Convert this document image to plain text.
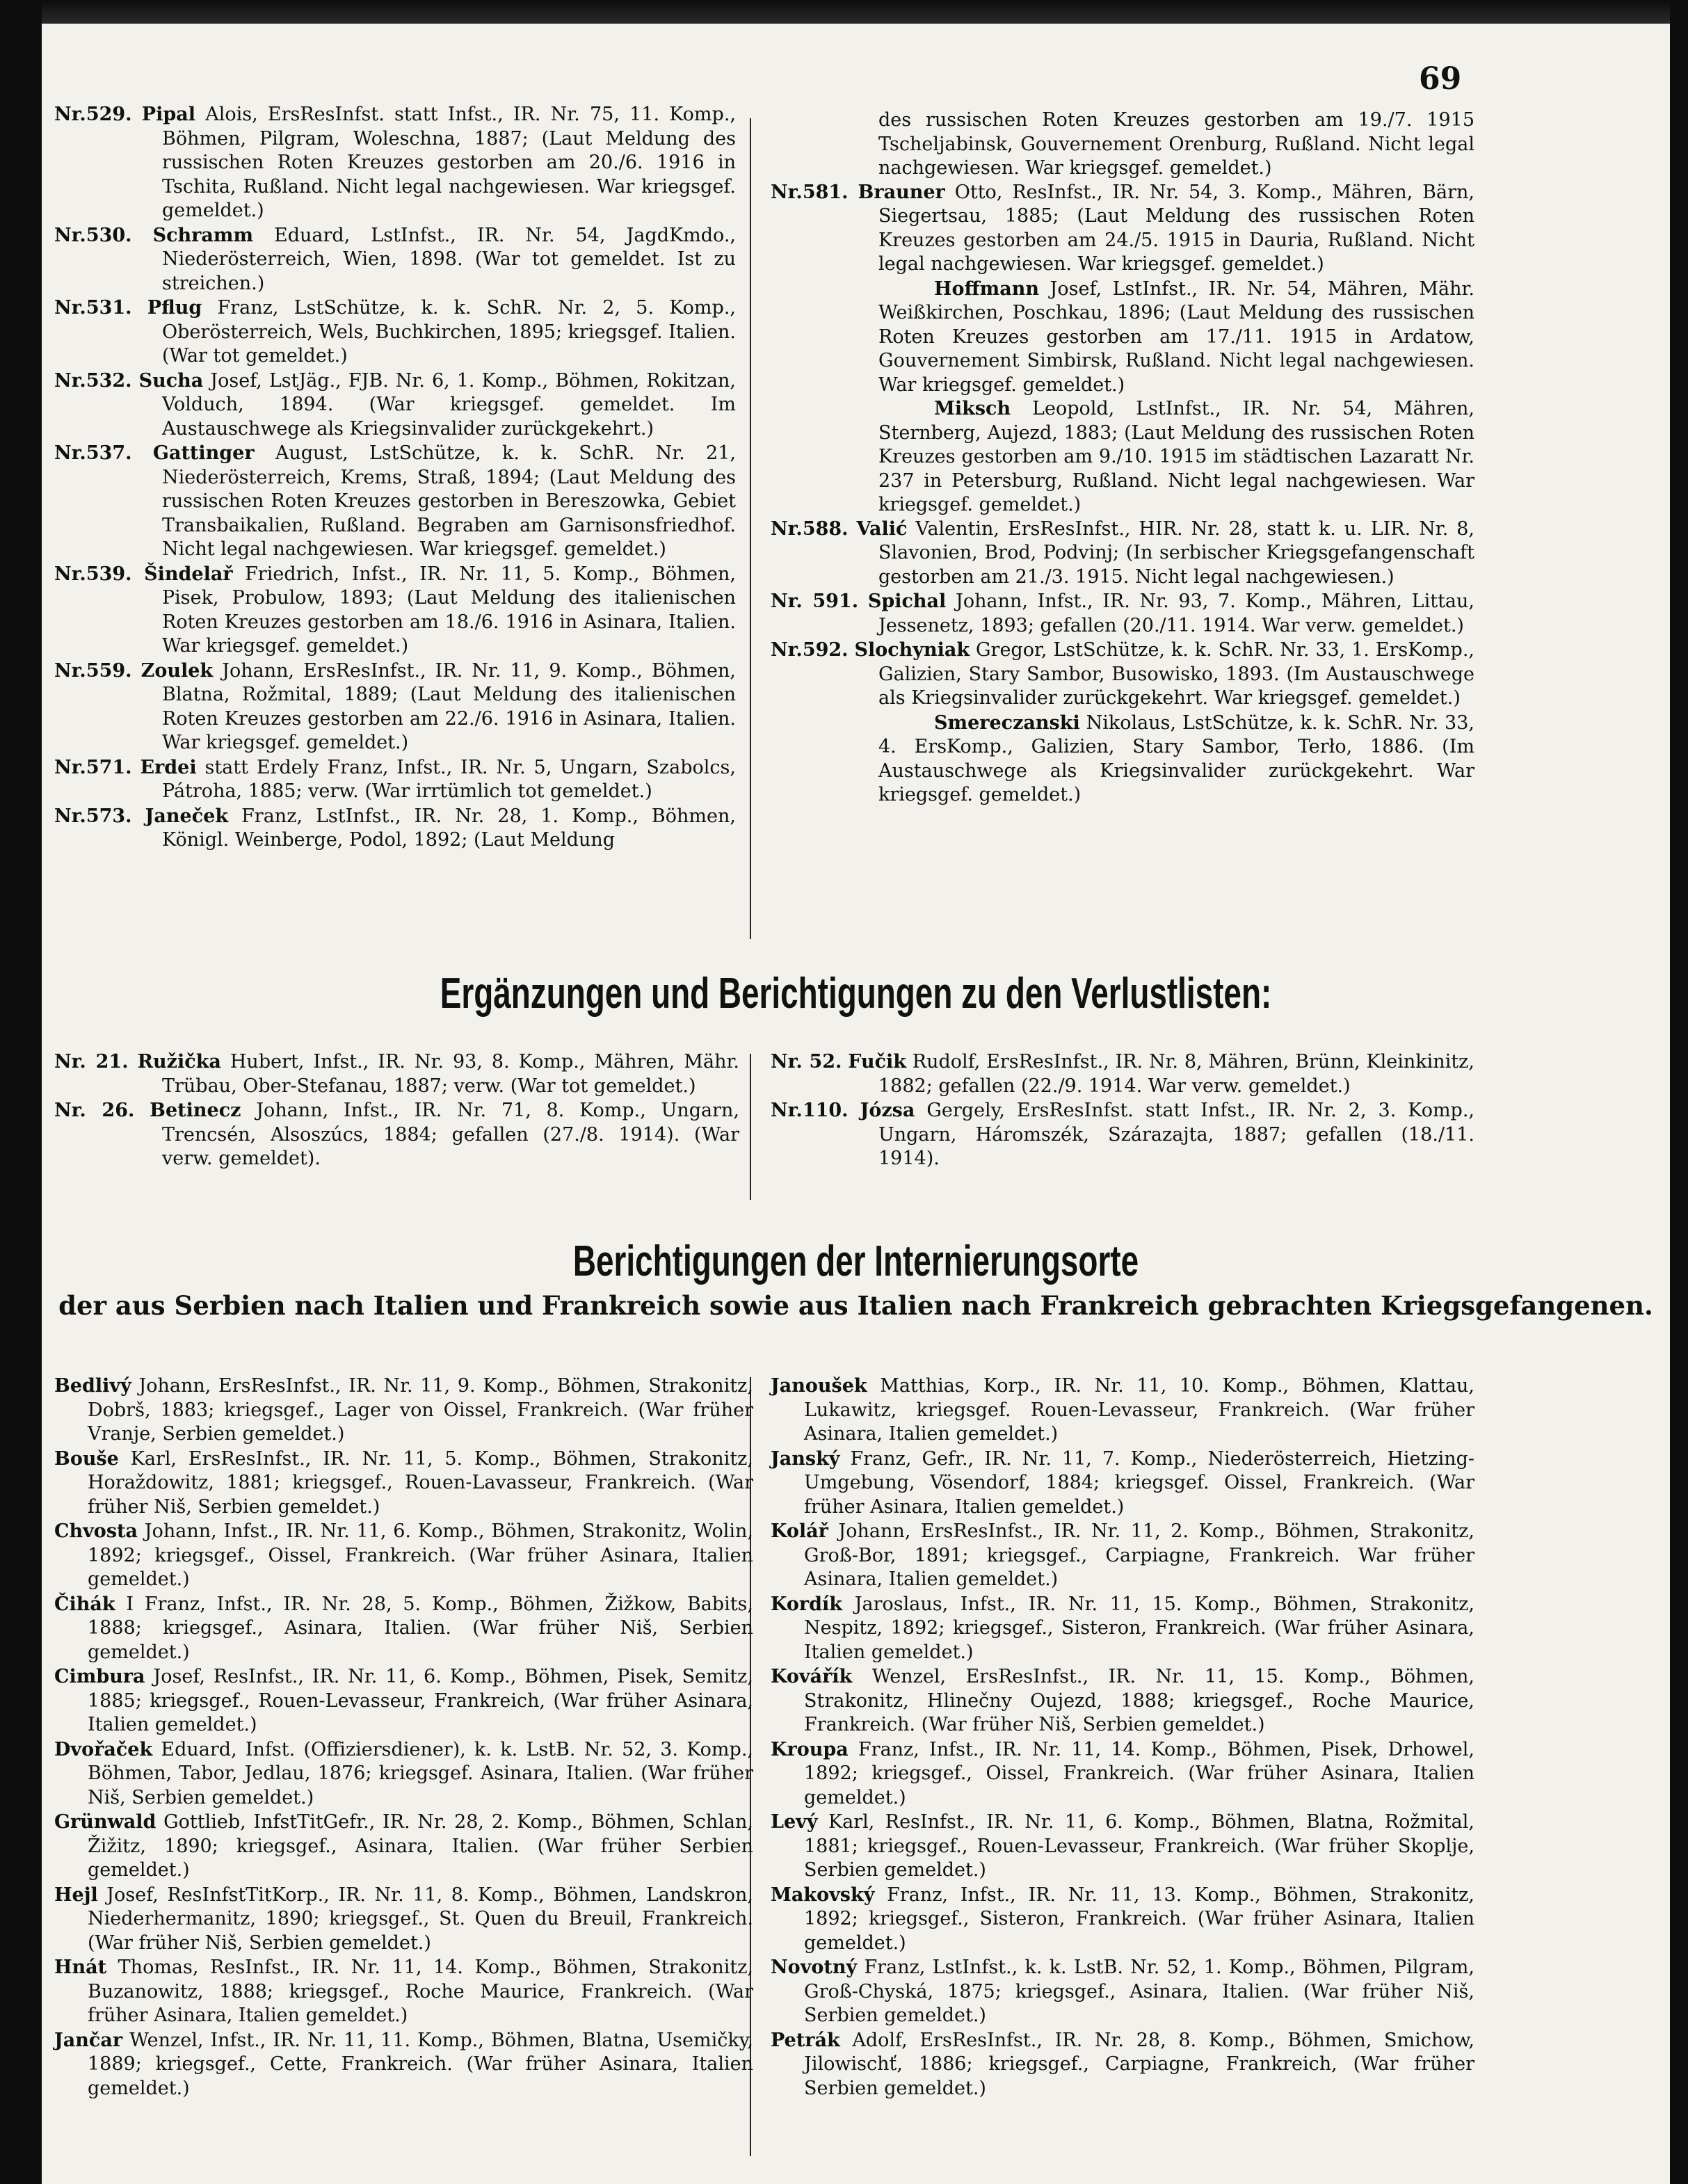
69
Nr.529. Pipal Alois, ErsResInfst. statt Infst., IR. Nr. 75, 11. Komp., Böhmen, Pilgram, Woleschna, 1887; (Laut Meldung des russischen Roten Kreuzes gestorben am 20./6. 1916 in Tschita, Rußland. Nicht legal nachgewiesen. War kriegsgef. gemeldet.)
Nr.530. Schramm Eduard, LstInfst., IR. Nr. 54, JagdKmdo., Niederösterreich, Wien, 1898. (War tot gemeldet. Ist zu streichen.)
Nr.531. Pflug Franz, LstSchütze, k. k. SchR. Nr. 2, 5. Komp., Oberösterreich, Wels, Buchkirchen, 1895; kriegsgef. Italien. (War tot gemeldet.)
Nr.532. Sucha Josef, LstJäg., FJB. Nr. 6, 1. Komp., Böhmen, Rokitzan, Volduch, 1894. (War kriegsgef. gemeldet. Im Austauschwege als Kriegsinvalider zurückgekehrt.)
Nr.537. Gattinger August, LstSchütze, k. k. SchR. Nr. 21, Niederösterreich, Krems, Straß, 1894; (Laut Meldung des russischen Roten Kreuzes gestorben in Bereszowka, Gebiet Transbaikalien, Rußland. Begraben am Garnisonsfriedhof. Nicht legal nachgewiesen. War kriegsgef. gemeldet.)
Nr.539. Šindelař Friedrich, Infst., IR. Nr. 11, 5. Komp., Böhmen, Pisek, Probulow, 1893; (Laut Meldung des italienischen Roten Kreuzes gestorben am 18./6. 1916 in Asinara, Italien. War kriegsgef. gemeldet.)
Nr.559. Zoulek Johann, ErsResInfst., IR. Nr. 11, 9. Komp., Böhmen, Blatna, Rožmital, 1889; (Laut Meldung des italienischen Roten Kreuzes gestorben am 22./6. 1916 in Asinara, Italien. War kriegsgef. gemeldet.)
Nr.571. Erdei statt Erdely Franz, Infst., IR. Nr. 5, Ungarn, Szabolcs, Pátroha, 1885; verw. (War irrtümlich tot gemeldet.)
Nr.573. Janeček Franz, LstInfst., IR. Nr. 28, 1. Komp., Böhmen, Königl. Weinberge, Podol, 1892; (Laut Meldung
des russischen Roten Kreuzes gestorben am 19./7. 1915 Tscheljabinsk, Gouvernement Orenburg, Rußland. Nicht legal nachgewiesen. War kriegsgef. gemeldet.)
Nr.581. Brauner Otto, ResInfst., IR. Nr. 54, 3. Komp., Mähren, Bärn, Siegertsau, 1885; (Laut Meldung des russischen Roten Kreuzes gestorben am 24./5. 1915 in Dauria, Rußland. Nicht legal nachgewiesen. War kriegsgef. gemeldet.)
Hoffmann Josef, LstInfst., IR. Nr. 54, Mähren, Mähr. Weißkirchen, Poschkau, 1896; (Laut Meldung des russischen Roten Kreuzes gestorben am 17./11. 1915 in Ardatow, Gouvernement Simbirsk, Rußland. Nicht legal nachgewiesen. War kriegsgef. gemeldet.)
Miksch Leopold, LstInfst., IR. Nr. 54, Mähren, Sternberg, Aujezd, 1883; (Laut Meldung des russischen Roten Kreuzes gestorben am 9./10. 1915 im städtischen Lazaratt Nr. 237 in Petersburg, Rußland. Nicht legal nachgewiesen. War kriegsgef. gemeldet.)
Nr.588. Valić Valentin, ErsResInfst., HIR. Nr. 28, statt k. u. LIR. Nr. 8, Slavonien, Brod, Podvinj; (In serbischer Kriegsgefangenschaft gestorben am 21./3. 1915. Nicht legal nachgewiesen.)
Nr. 591. Spichal Johann, Infst., IR. Nr. 93, 7. Komp., Mähren, Littau, Jessenetz, 1893; gefallen (20./11. 1914. War verw. gemeldet.)
Nr.592. Slochyniak Gregor, LstSchütze, k. k. SchR. Nr. 33, 1. ErsKomp., Galizien, Stary Sambor, Busowisko, 1893. (Im Austauschwege als Kriegsinvalider zurückgekehrt. War kriegsgef. gemeldet.)
Smereczanski Nikolaus, LstSchütze, k. k. SchR. Nr. 33, 4. ErsKomp., Galizien, Stary Sambor, Terło, 1886. (Im Austauschwege als Kriegsinvalider zurückgekehrt. War kriegsgef. gemeldet.)
Ergänzungen und Berichtigungen zu den Verlustlisten:
Nr. 21. Ružička Hubert, Infst., IR. Nr. 93, 8. Komp., Mähren, Mähr. Trübau, Ober-Stefanau, 1887; verw. (War tot gemeldet.)
Nr. 26. Betinecz Johann, Infst., IR. Nr. 71, 8. Komp., Ungarn, Trencsén, Alsoszúcs, 1884; gefallen (27./8. 1914). (War verw. gemeldet).
Nr. 52. Fučik Rudolf, ErsResInfst., IR. Nr. 8, Mähren, Brünn, Kleinkinitz, 1882; gefallen (22./9. 1914. War verw. gemeldet.)
Nr.110. Józsa Gergely, ErsResInfst. statt Infst., IR. Nr. 2, 3. Komp., Ungarn, Háromszék, Szárazajta, 1887; gefallen (18./11. 1914).
Berichtigungen der Internierungsorte
der aus Serbien nach Italien und Frankreich sowie aus Italien nach Frankreich gebrachten Kriegsgefangenen.
Bedlivý Johann, ErsResInfst., IR. Nr. 11, 9. Komp., Böhmen, Strakonitz, Dobrš, 1883; kriegsgef., Lager von Oissel, Frankreich. (War früher Vranje, Serbien gemeldet.)
Bouše Karl, ErsResInfst., IR. Nr. 11, 5. Komp., Böhmen, Strakonitz, Horaždowitz, 1881; kriegsgef., Rouen-Lavasseur, Frankreich. (War früher Niš, Serbien gemeldet.)
Chvosta Johann, Infst., IR. Nr. 11, 6. Komp., Böhmen, Strakonitz, Wolin, 1892; kriegsgef., Oissel, Frankreich. (War früher Asinara, Italien gemeldet.)
Čihák I Franz, Infst., IR. Nr. 28, 5. Komp., Böhmen, Žižkow, Babits, 1888; kriegsgef., Asinara, Italien. (War früher Niš, Serbien gemeldet.)
Cimbura Josef, ResInfst., IR. Nr. 11, 6. Komp., Böhmen, Pisek, Semitz, 1885; kriegsgef., Rouen-Levasseur, Frankreich, (War früher Asinara, Italien gemeldet.)
Dvořaček Eduard, Infst. (Offiziersdiener), k. k. LstB. Nr. 52, 3. Komp., Böhmen, Tabor, Jedlau, 1876; kriegsgef. Asinara, Italien. (War früher Niš, Serbien gemeldet.)
Grünwald Gottlieb, InfstTitGefr., IR. Nr. 28, 2. Komp., Böhmen, Schlan, Žižitz, 1890; kriegsgef., Asinara, Italien. (War früher Serbien gemeldet.)
Hejl Josef, ResInfstTitKorp., IR. Nr. 11, 8. Komp., Böhmen, Landskron, Niederhermanitz, 1890; kriegsgef., St. Quen du Breuil, Frankreich. (War früher Niš, Serbien gemeldet.)
Hnát Thomas, ResInfst., IR. Nr. 11, 14. Komp., Böhmen, Strakonitz, Buzanowitz, 1888; kriegsgef., Roche Maurice, Frankreich. (War früher Asinara, Italien gemeldet.)
Jančar Wenzel, Infst., IR. Nr. 11, 11. Komp., Böhmen, Blatna, Usemičky, 1889; kriegsgef., Cette, Frankreich. (War früher Asinara, Italien gemeldet.)
Janoušek Matthias, Korp., IR. Nr. 11, 10. Komp., Böhmen, Klattau, Lukawitz, kriegsgef. Rouen-Levasseur, Frankreich. (War früher Asinara, Italien gemeldet.)
Janský Franz, Gefr., IR. Nr. 11, 7. Komp., Niederösterreich, Hietzing-Umgebung, Vösendorf, 1884; kriegsgef. Oissel, Frankreich. (War früher Asinara, Italien gemeldet.)
Kolář Johann, ErsResInfst., IR. Nr. 11, 2. Komp., Böhmen, Strakonitz, Groß-Bor, 1891; kriegsgef., Carpiagne, Frankreich. War früher Asinara, Italien gemeldet.)
Kordík Jaroslaus, Infst., IR. Nr. 11, 15. Komp., Böhmen, Strakonitz, Nespitz, 1892; kriegsgef., Sisteron, Frankreich. (War früher Asinara, Italien gemeldet.)
Kovářík Wenzel, ErsResInfst., IR. Nr. 11, 15. Komp., Böhmen, Strakonitz, Hlinečny Oujezd, 1888; kriegsgef., Roche Maurice, Frankreich. (War früher Niš, Serbien gemeldet.)
Kroupa Franz, Infst., IR. Nr. 11, 14. Komp., Böhmen, Pisek, Drhowel, 1892; kriegsgef., Oissel, Frankreich. (War früher Asinara, Italien gemeldet.)
Levý Karl, ResInfst., IR. Nr. 11, 6. Komp., Böhmen, Blatna, Rožmital, 1881; kriegsgef., Rouen-Levasseur, Frankreich. (War früher Skoplje, Serbien gemeldet.)
Makovský Franz, Infst., IR. Nr. 11, 13. Komp., Böhmen, Strakonitz, 1892; kriegsgef., Sisteron, Frankreich. (War früher Asinara, Italien gemeldet.)
Novotný Franz, LstInfst., k. k. LstB. Nr. 52, 1. Komp., Böhmen, Pilgram, Groß-Chyská, 1875; kriegsgef., Asinara, Italien. (War früher Niš, Serbien gemeldet.)
Petrák Adolf, ErsResInfst., IR. Nr. 28, 8. Komp., Böhmen, Smichow, Jilowischť, 1886; kriegsgef., Carpiagne, Frankreich, (War früher Serbien gemeldet.)
